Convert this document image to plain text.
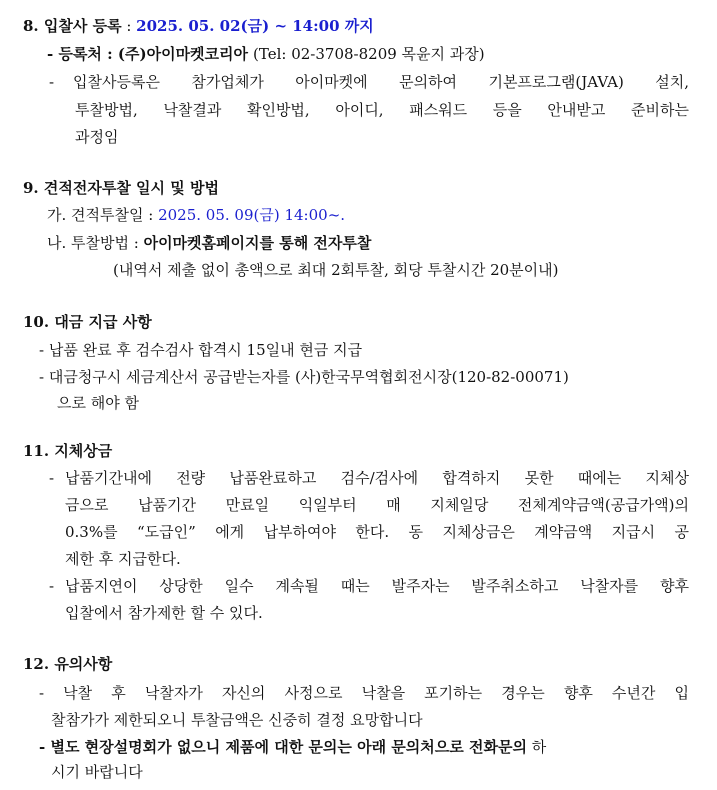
8. 입찰사 등록 : 2025. 05. 02(금) ~ 14:00 까지
- 등록처 : (주)아이마켓코리아 (Tel: 02-3708-8209 목윤지 과장)
- 입찰사등록은 참가업체가 아이마켓에 문의하여 기본프로그램(JAVA) 설치,
투찰방법, 낙찰결과 확인방법, 아이디, 패스워드 등을 안내받고 준비하는
과정임
9. 견적전자투찰 일시 및 방법
가. 견적투찰일 : 2025. 05. 09(금) 14:00~.
나. 투찰방법 : 아이마켓홈페이지를 통해 전자투찰
(내역서 제출 없이 총액으로 최대 2회투찰, 회당 투찰시간 20분이내)
10. 대금 지급 사항
- 납품 완료 후 검수검사 합격시 15일내 현금 지급
- 대금청구시 세금계산서 공급받는자를 (사)한국무역협회전시장(120-82-00071)
으로 해야 함
11. 지체상금
- 납품기간내에 전량 납품완료하고 검수/검사에 합격하지 못한 때에는 지체상
금으로 납품기간 만료일 익일부터 매 지체일당 전체계약금액(공급가액)의
0.3%를 “도급인” 에게 납부하여야 한다. 동 지체상금은 계약금액 지급시 공
제한 후 지급한다.
- 납품지연이 상당한 일수 계속될 때는 발주자는 발주취소하고 낙찰자를 향후
입찰에서 참가제한 할 수 있다.
12. 유의사항
- 낙찰 후 낙찰자가 자신의 사정으로 낙찰을 포기하는 경우는 향후 수년간 입
찰참가가 제한되오니 투찰금액은 신중히 결정 요망합니다
- 별도 현장설명회가 없으니 제품에 대한 문의는 아래 문의처으로 전화문의 하
시기 바랍니다
